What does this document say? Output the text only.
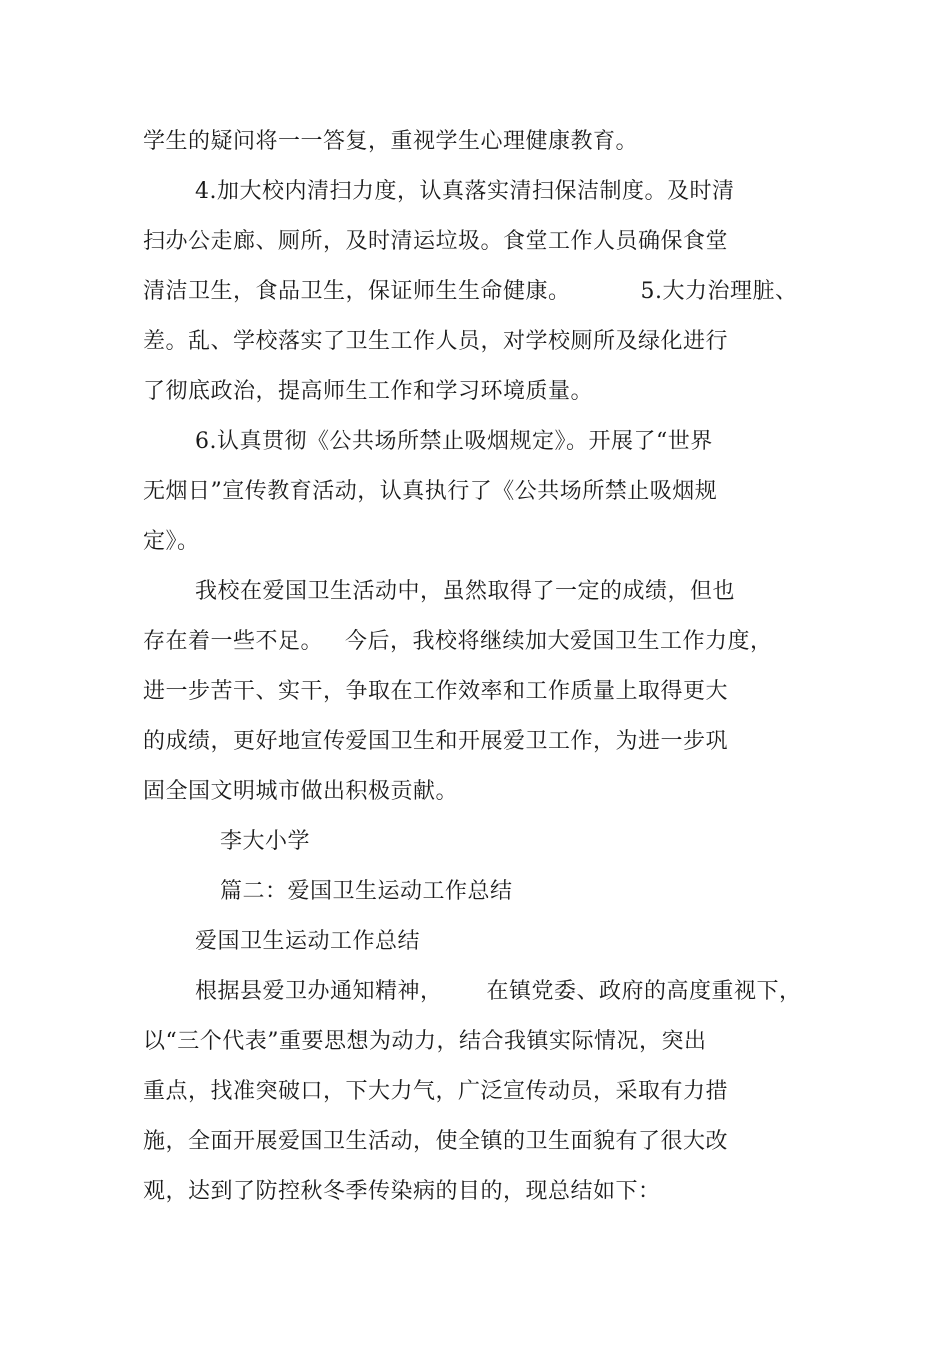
学生的疑问将一一答复，重视学生心理健康教育。
4.加大校内清扫力度，认真落实清扫保洁制度。及时清
扫办公走廊、厕所，及时清运垃圾。食堂工作人员确保食堂
清洁卫生，食品卫生，保证师生生命健康。	5.大力治理脏、
差。乱、学校落实了卫生工作人员，对学校厕所及绿化进行
了彻底政治，提高师生工作和学习环境质量。
6.认真贯彻《公共场所禁止吸烟规定》。开展了“世界
无烟日”宣传教育活动，认真执行了《公共场所禁止吸烟规
定》。
我校在爱国卫生活动中，虽然取得了一定的成绩，但也
存在着一些不足。 今后，我校将继续加大爱国卫生工作力度，
进一步苦干、实干，争取在工作效率和工作质量上取得更大
的成绩，更好地宣传爱国卫生和开展爱卫工作，为进一步巩
固全国文明城市做出积极贡献。
李大小学
篇二：爱国卫生运动工作总结
爱国卫生运动工作总结
根据县爱卫办通知精神， 在镇党委、政府的高度重视下，
以“三个代表”重要思想为动力，结合我镇实际情况，突出
重点，找准突破口，下大力气，广泛宣传动员，采取有力措
施，全面开展爱国卫生活动，使全镇的卫生面貌有了很大改
观，达到了防控秋冬季传染病的目的，现总结如下：
